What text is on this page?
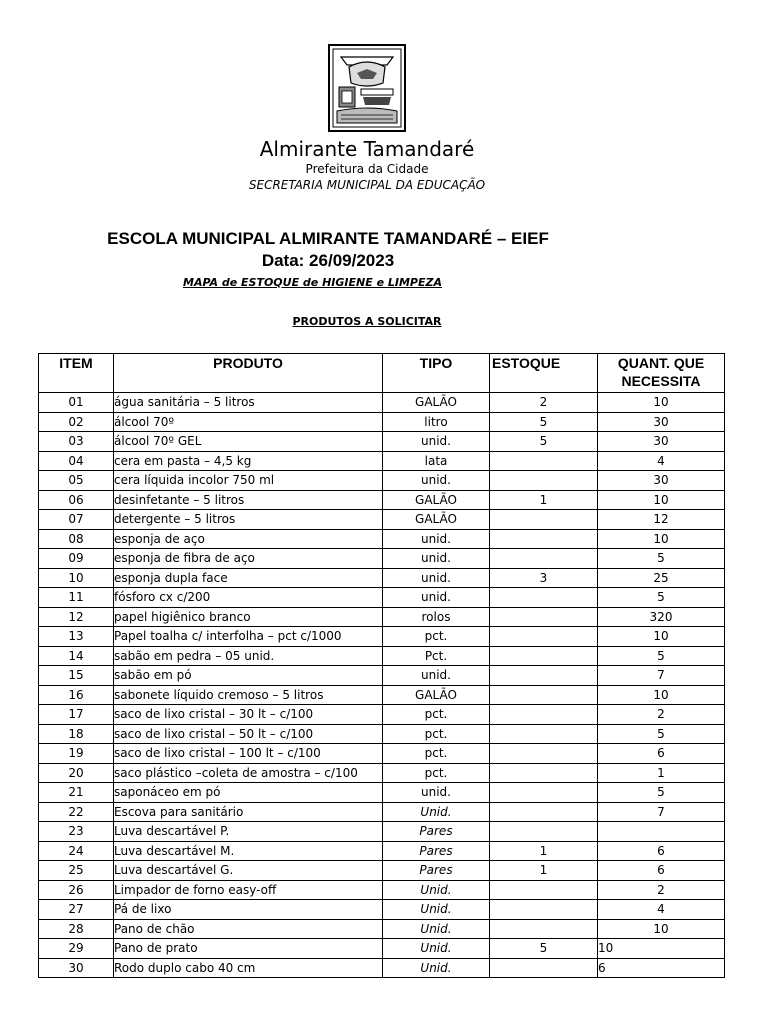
Almirante Tamandaré
Prefeitura da Cidade
SECRETARIA MUNICIPAL DA EDUCAÇÃO
ESCOLA MUNICIPAL ALMIRANTE TAMANDARÉ – EIEF
Data: 26/09/2023
MAPA de ESTOQUE de HIGIENE e LIMPEZA
PRODUTOS A SOLICITAR
ITEM	PRODUTO	TIPO	ESTOQUE	QUANT. QUE
NECESSITA

01	água sanitária – 5 litros	GALÃO	2	10
02	álcool 70º	litro	5	30
03	álcool 70º GEL	unid.	5	30
04	cera em pasta – 4,5 kg	lata		4
05	cera líquida incolor 750 ml	unid.		30
06	desinfetante – 5 litros	GALÃO	1	10
07	detergente – 5 litros	GALÃO		12
08	esponja de aço	unid.		10
09	esponja de fibra de aço	unid.		5
10	esponja dupla face	unid.	3	25
11	fósforo cx c/200	unid.		5
12	papel higiênico branco	rolos		320
13	Papel toalha c/ interfolha – pct c/1000	pct.		10
14	sabão em pedra – 05 unid.	Pct.		5
15	sabão em pó	unid.		7
16	sabonete líquido cremoso – 5 litros	GALÃO		10
17	saco de lixo cristal – 30 lt – c/100	pct.		2
18	saco de lixo cristal – 50 lt – c/100	pct.		5
19	saco de lixo cristal – 100 lt – c/100	pct.		6
20	saco plástico –coleta de amostra – c/100	pct.		1
21	saponáceo em pó	unid.		5
22	Escova para sanitário	Unid.		7
23	Luva descartável P.	Pares		
24	Luva descartável M.	Pares	1	6
25	Luva descartável G.	Pares	1	6
26	Limpador de forno easy-off	Unid.		2
27	Pá de lixo	Unid.		4
28	Pano de chão	Unid.		10
29	Pano de prato	Unid.	5	10
30	Rodo duplo cabo 40 cm	Unid.		6
